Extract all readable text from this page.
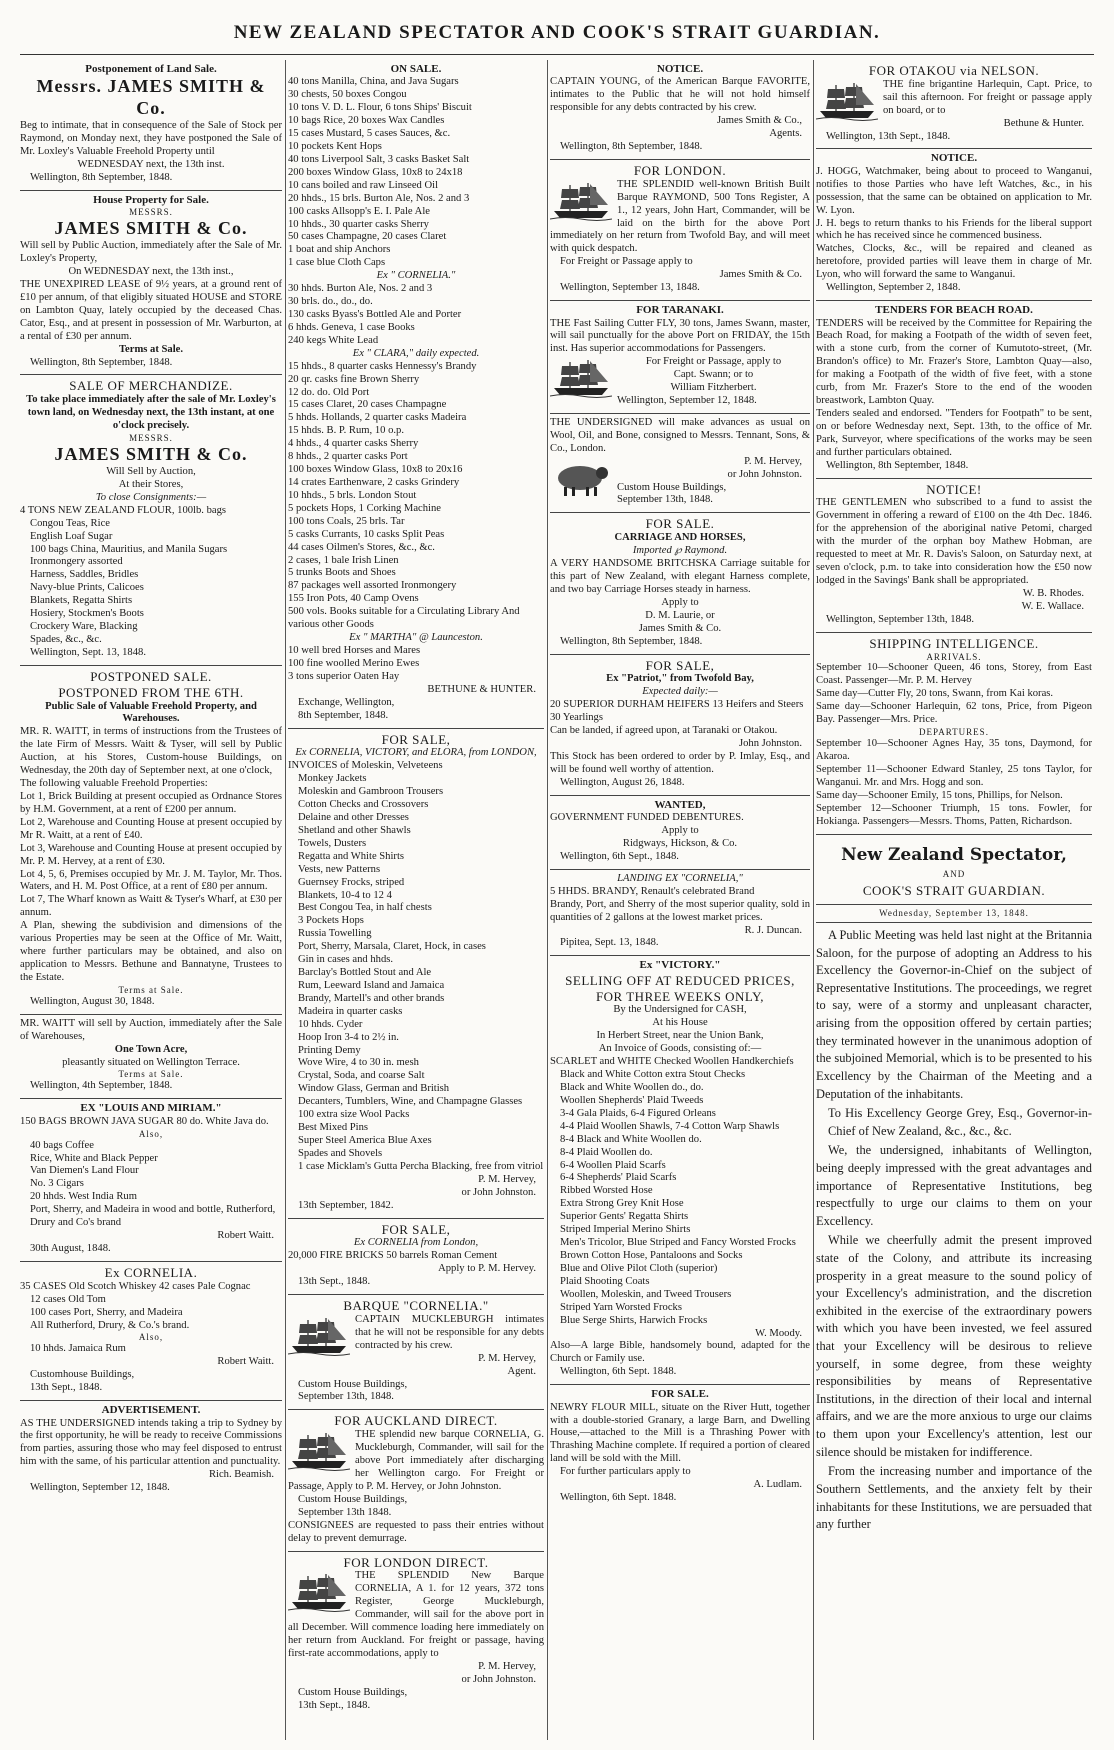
NEW ZEALAND SPECTATOR AND COOK'S STRAIT GUARDIAN.
Postponement of Land Sale.
Messrs. JAMES SMITH & Co.
Beg to intimate, that in consequence of the Sale of Stock per Raymond, on Monday next, they have postponed the Sale of Mr. Loxley's Valuable Freehold Property until
WEDNESDAY next, the 13th inst.
Wellington, 8th September, 1848.
House Property for Sale.
MESSRS.
JAMES SMITH & Co.
Will sell by Public Auction, immediately after the Sale of Mr. Loxley's Property,
On WEDNESDAY next, the 13th inst.,
THE UNEXPIRED LEASE of 9½ years, at a ground rent of £10 per annum, of that eligibly situated HOUSE and STORE on Lambton Quay, lately occupied by the deceased Chas. Cator, Esq., and at present in possession of Mr. Warburton, at a rental of £30 per annum.
Terms at Sale.
Wellington, 8th September, 1848.
SALE OF MERCHANDIZE.
To take place immediately after the sale of Mr. Loxley's town land, on Wednesday next, the 13th instant, at one o'clock precisely.
MESSRS.
JAMES SMITH & Co.
Will Sell by Auction,
At their Stores,
To close Consignments:—
4 TONS NEW ZEALAND FLOUR, 100lb. bags
Congou Teas, Rice
English Loaf Sugar
100 bags China, Mauritius, and Manila Sugars
Ironmongery assorted
Harness, Saddles, Bridles
Navy-blue Prints, Calicoes
Blankets, Regatta Shirts
Hosiery, Stockmen's Boots
Crockery Ware, Blacking
Spades, &c., &c.
Wellington, Sept. 13, 1848.
POSTPONED SALE.
POSTPONED FROM THE 6TH.
Public Sale of Valuable Freehold Property, and Warehouses.
MR. R. WAITT, in terms of instructions from the Trustees of the late Firm of Messrs. Waitt & Tyser, will sell by Public Auction, at his Stores, Custom-house Buildings, on Wednesday, the 20th day of September next, at one o'clock,
The following valuable Freehold Properties:
Lot 1, Brick Building at present occupied as Ordnance Stores by H.M. Government, at a rent of £200 per annum.
Lot 2, Warehouse and Counting House at present occupied by Mr R. Waitt, at a rent of £40.
Lot 3, Warehouse and Counting House at present occupied by Mr. P. M. Hervey, at a rent of £30.
Lot 4, 5, 6, Premises occupied by Mr. J. M. Taylor, Mr. Thos. Waters, and H. M. Post Office, at a rent of £80 per annum.
Lot 7, The Wharf known as Waitt & Tyser's Wharf, at £30 per annum.
A Plan, shewing the subdivision and dimensions of the various Properties may be seen at the Office of Mr. Waitt, where further particulars may be obtained, and also on application to Messrs. Bethune and Bannatyne, Trustees to the Estate.
Terms at Sale.
Wellington, August 30, 1848.
MR. WAITT will sell by Auction, immediately after the Sale of Warehouses,
One Town Acre,
pleasantly situated on Wellington Terrace.
Terms at Sale.
Wellington, 4th September, 1848.
EX "LOUIS AND MIRIAM."
150 BAGS BROWN JAVA SUGAR 80 do. White Java do.
Also,
40 bags Coffee
Rice, White and Black Pepper
Van Diemen's Land Flour
No. 3 Cigars
20 hhds. West India Rum
Port, Sherry, and Madeira in wood and bottle, Rutherford, Drury and Co's brand
Robert Waitt.
30th August, 1848.
Ex CORNELIA.
35 CASES Old Scotch Whiskey 42 cases Pale Cognac
12 cases Old Tom
100 cases Port, Sherry, and Madeira
All Rutherford, Drury, & Co.'s brand.
Also,
10 hhds. Jamaica Rum
Robert Waitt.
Customhouse Buildings,
13th Sept., 1848.
ADVERTISEMENT.
AS THE UNDERSIGNED intends taking a trip to Sydney by the first opportunity, he will be ready to receive Commissions from parties, assuring those who may feel disposed to entrust him with the same, of his particular attention and punctuality.
Rich. Beamish.
Wellington, September 12, 1848.
ON SALE.
40 tons Manilla, China, and Java Sugars
30 chests, 50 boxes Congou
10 tons V. D. L. Flour, 6 tons Ships' Biscuit
10 bags Rice, 20 boxes Wax Candles
15 cases Mustard, 5 cases Sauces, &c.
10 pockets Kent Hops
40 tons Liverpool Salt, 3 casks Basket Salt
200 boxes Window Glass, 10x8 to 24x18
10 cans boiled and raw Linseed Oil
20 hhds., 15 brls. Burton Ale, Nos. 2 and 3
100 casks Allsopp's E. I. Pale Ale
10 hhds., 30 quarter casks Sherry
50 cases Champagne, 20 cases Claret
1 boat and ship Anchors
1 case blue Cloth Caps
Ex " CORNELIA."
30 hhds. Burton Ale, Nos. 2 and 3
30 brls. do., do., do.
130 casks Byass's Bottled Ale and Porter
6 hhds. Geneva, 1 case Books
240 kegs White Lead
Ex " CLARA," daily expected.
15 hhds., 8 quarter casks Hennessy's Brandy
20 qr. casks fine Brown Sherry
12 do. do. Old Port
15 cases Claret, 20 cases Champagne
5 hhds. Hollands, 2 quarter casks Madeira
15 hhds. B. P. Rum, 10 o.p.
4 hhds., 4 quarter casks Sherry
8 hhds., 2 quarter casks Port
100 boxes Window Glass, 10x8 to 20x16
14 crates Earthenware, 2 casks Grindery
10 hhds., 5 brls. London Stout
5 pockets Hops, 1 Corking Machine
100 tons Coals, 25 brls. Tar
5 casks Currants, 10 casks Split Peas
44 cases Oilmen's Stores, &c., &c.
2 cases, 1 bale Irish Linen
5 trunks Boots and Shoes
87 packages well assorted Ironmongery
155 Iron Pots, 40 Camp Ovens
500 vols. Books suitable for a Circulating Library And various other Goods
Ex " MARTHA" @ Launceston.
10 well bred Horses and Mares
100 fine woolled Merino Ewes
3 tons superior Oaten Hay
BETHUNE & HUNTER.
Exchange, Wellington,
8th September, 1848.
FOR SALE,
Ex CORNELIA, VICTORY, and ELORA, from LONDON,
INVOICES of Moleskin, Velveteens
Monkey Jackets
Moleskin and Gambroon Trousers
Cotton Checks and Crossovers
Delaine and other Dresses
Shetland and other Shawls
Towels, Dusters
Regatta and White Shirts
Vests, new Patterns
Guernsey Frocks, striped
Blankets, 10-4 to 12 4
Best Congou Tea, in half chests
3 Pockets Hops
Russia Towelling
Port, Sherry, Marsala, Claret, Hock, in cases
Gin in cases and hhds.
Barclay's Bottled Stout and Ale
Rum, Leeward Island and Jamaica
Brandy, Martell's and other brands
Madeira in quarter casks
10 hhds. Cyder
Hoop Iron 3-4 to 2½ in.
Printing Demy
Wove Wire, 4 to 30 in. mesh
Crystal, Soda, and coarse Salt
Window Glass, German and British
Decanters, Tumblers, Wine, and Champagne Glasses
100 extra size Wool Packs
Best Mixed Pins
Super Steel America Blue Axes
Spades and Shovels
1 case Micklam's Gutta Percha Blacking, free from vitriol
P. M. Hervey,
or John Johnston.
13th September, 1842.
FOR SALE,
Ex CORNELIA from London,
20,000 FIRE BRICKS 50 barrels Roman Cement
Apply to P. M. Hervey.
13th Sept., 1848.
BARQUE "CORNELIA."
CAPTAIN MUCKLEBURGH intimates that he will not be responsible for any debts contracted by his crew.
P. M. Hervey,
Agent.
Custom House Buildings,
September 13th, 1848.
FOR AUCKLAND DIRECT.
THE splendid new barque CORNELIA, G. Muckleburgh, Commander, will sail for the above Port immediately after discharging her Wellington cargo. For Freight or Passage, Apply to P. M. Hervey, or John Johnston.
Custom House Buildings,
September 13th 1848.
CONSIGNEES are requested to pass their entries without delay to prevent demurrage.
FOR LONDON DIRECT.
THE SPLENDID New Barque CORNELIA, A 1. for 12 years, 372 tons Register, George Muckleburgh, Commander, will sail for the above port in all December. Will commence loading here immediately on her return from Auckland. For freight or passage, having first-rate accommodations, apply to
P. M. Hervey,
or John Johnston.
Custom House Buildings,
13th Sept., 1848.
NOTICE.
CAPTAIN YOUNG, of the American Barque FAVORITE, intimates to the Public that he will not hold himself responsible for any debts contracted by his crew.
James Smith & Co.,
Agents.
Wellington, 8th September, 1848.
FOR LONDON.
THE SPLENDID well-known British Built Barque RAYMOND, 500 Tons Register, A 1., 12 years, John Hart, Commander, will be laid on the birth for the above Port immediately on her return from Twofold Bay, and will meet with quick despatch.
For Freight or Passage apply to
James Smith & Co.
Wellington, September 13, 1848.
FOR TARANAKI.
THE Fast Sailing Cutter FLY, 30 tons, James Swann, master, will sail punctually for the above Port on FRIDAY, the 15th inst. Has superior accommodations for Passengers.
For Freight or Passage, apply to
Capt. Swann; or to
William Fitzherbert.
Wellington, September 12, 1848.
THE UNDERSIGNED will make advances as usual on Wool, Oil, and Bone, consigned to Messrs. Tennant, Sons, & Co., London.
P. M. Hervey,
or John Johnston.
Custom House Buildings,
September 13th, 1848.
FOR SALE.
CARRIAGE AND HORSES,
Imported ℘ Raymond.
A VERY HANDSOME BRITCHSKA Carriage suitable for this part of New Zealand, with elegant Harness complete, and two bay Carriage Horses steady in harness.
Apply to
D. M. Laurie, or
James Smith & Co.
Wellington, 8th September, 1848.
FOR SALE,
Ex "Patriot," from Twofold Bay,
Expected daily:—
20 SUPERIOR DURHAM HEIFERS 13 Heifers and Steers 30 Yearlings
Can be landed, if agreed upon, at Taranaki or Otakou.
John Johnston.
This Stock has been ordered to order by P. Imlay, Esq., and will be found well worthy of attention.
Wellington, August 26, 1848.
WANTED,
GOVERNMENT FUNDED DEBENTURES.
Apply to
Ridgways, Hickson, & Co.
Wellington, 6th Sept., 1848.
LANDING EX "CORNELIA,"
5 HHDS. BRANDY, Renault's celebrated Brand
Brandy, Port, and Sherry of the most superior quality, sold in quantities of 2 gallons at the lowest market prices.
R. J. Duncan.
Pipitea, Sept. 13, 1848.
Ex "VICTORY."
SELLING OFF AT REDUCED PRICES, FOR THREE WEEKS ONLY,
By the Undersigned for CASH,
At his House
In Herbert Street, near the Union Bank,
An Invoice of Goods, consisting of:—
SCARLET and WHITE Checked Woollen Handkerchiefs
Black and White Cotton extra Stout Checks
Black and White Woollen do., do.
Woollen Shepherds' Plaid Tweeds
3-4 Gala Plaids, 6-4 Figured Orleans
4-4 Plaid Woollen Shawls, 7-4 Cotton Warp Shawls
8-4 Black and White Woollen do.
8-4 Plaid Woollen do.
6-4 Woollen Plaid Scarfs
6-4 Shepherds' Plaid Scarfs
Ribbed Worsted Hose
Extra Strong Grey Knit Hose
Superior Gents' Regatta Shirts
Striped Imperial Merino Shirts
Men's Tricolor, Blue Striped and Fancy Worsted Frocks
Brown Cotton Hose, Pantaloons and Socks
Blue and Olive Pilot Cloth (superior)
Plaid Shooting Coats
Woollen, Moleskin, and Tweed Trousers
Striped Yarn Worsted Frocks
Blue Serge Shirts, Harwich Frocks
W. Moody.
Also—A large Bible, handsomely bound, adapted for the Church or Family use.
Wellington, 6th Sept. 1848.
FOR SALE.
NEWRY FLOUR MILL, situate on the River Hutt, together with a double-storied Granary, a large Barn, and Dwelling House,—attached to the Mill is a Thrashing Power with Thrashing Machine complete. If required a portion of cleared land will be sold with the Mill.
For further particulars apply to
A. Ludlam.
Wellington, 6th Sept. 1848.
FOR OTAKOU via NELSON.
THE fine brigantine Harlequin, Capt. Price, to sail this afternoon. For freight or passage apply on board, or to
Bethune & Hunter.
Wellington, 13th Sept., 1848.
NOTICE.
J. HOGG, Watchmaker, being about to proceed to Wanganui, notifies to those Parties who have left Watches, &c., in his possession, that the same can be obtained on application to Mr. W. Lyon.
J. H. begs to return thanks to his Friends for the liberal support which he has received since he commenced business.
Watches, Clocks, &c., will be repaired and cleaned as heretofore, provided parties will leave them in charge of Mr. Lyon, who will forward the same to Wanganui.
Wellington, September 2, 1848.
TENDERS FOR BEACH ROAD.
TENDERS will be received by the Committee for Repairing the Beach Road, for making a Footpath of the width of seven feet, with a stone curb, from the corner of Kumutoto-street, (Mr. Brandon's office) to Mr. Frazer's Store, Lambton Quay—also, for making a Footpath of the width of five feet, with a stone curb, from Mr. Frazer's Store to the end of the wooden breastwork, Lambton Quay.
Tenders sealed and endorsed. "Tenders for Footpath" to be sent, on or before Wednesday next, Sept. 13th, to the office of Mr. Park, Surveyor, where specifications of the works may be seen and further particulars obtained.
Wellington, 8th September, 1848.
NOTICE!
THE GENTLEMEN who subscribed to a fund to assist the Government in offering a reward of £100 on the 4th Dec. 1846. for the apprehension of the aboriginal native Petomi, charged with the murder of the orphan boy Mathew Hobman, are requested to meet at Mr. R. Davis's Saloon, on Saturday next, at seven o'clock, p.m. to take into consideration how the £50 now lodged in the Savings' Bank shall be appropriated.
W. B. Rhodes.
W. E. Wallace.
Wellington, September 13th, 1848.
SHIPPING INTELLIGENCE.
ARRIVALS.
September 10—Schooner Queen, 46 tons, Storey, from East Coast. Passenger—Mr. P. M. Hervey
Same day—Cutter Fly, 20 tons, Swann, from Kai koras.
Same day—Schooner Harlequin, 62 tons, Price, from Pigeon Bay. Passenger—Mrs. Price.
DEPARTURES.
September 10—Schooner Agnes Hay, 35 tons, Daymond, for Akaroa.
September 11—Schooner Edward Stanley, 25 tons Taylor, for Wanganui. Mr. and Mrs. Hogg and son.
Same day—Schooner Emily, 15 tons, Phillips, for Nelson.
September 12—Schooner Triumph, 15 tons. Fowler, for Hokianga. Passengers—Messrs. Thoms, Patten, Richardson.
New Zealand Spectator,
AND
COOK'S STRAIT GUARDIAN.
Wednesday, September 13, 1848.

A Public Meeting was held last night at the Britannia Saloon, for the purpose of adopting an Address to his Excellency the Governor-in-Chief on the subject of Representative Institutions. The proceedings, we regret to say, were of a stormy and unpleasant character, arising from the opposition offered by certain parties; they terminated however in the unanimous adoption of the subjoined Memorial, which is to be presented to his Excellency by the Chairman of the Meeting and a Deputation of the inhabitants.

To His Excellency George Grey, Esq., Governor-in-Chief of New Zealand, &c., &c., &c.

We, the undersigned, inhabitants of Wellington, being deeply impressed with the great advantages and importance of Representative Institutions, beg respectfully to urge our claims to them on your Excellency.

While we cheerfully admit the present improved state of the Colony, and attribute its increasing prosperity in a great measure to the sound policy of your Excellency's administration, and the discretion exhibited in the exercise of the extraordinary powers with which you have been invested, we feel assured that your Excellency will be desirous to relieve yourself, in some degree, from these weighty responsibilities by means of Representative Institutions, in the direction of their local and internal affairs, and we are the more anxious to urge our claims to them upon your Excellency's attention, lest our silence should be mistaken for indifference.

From the increasing number and importance of the Southern Settlements, and the anxiety felt by their inhabitants for these Institutions, we are persuaded that any further
